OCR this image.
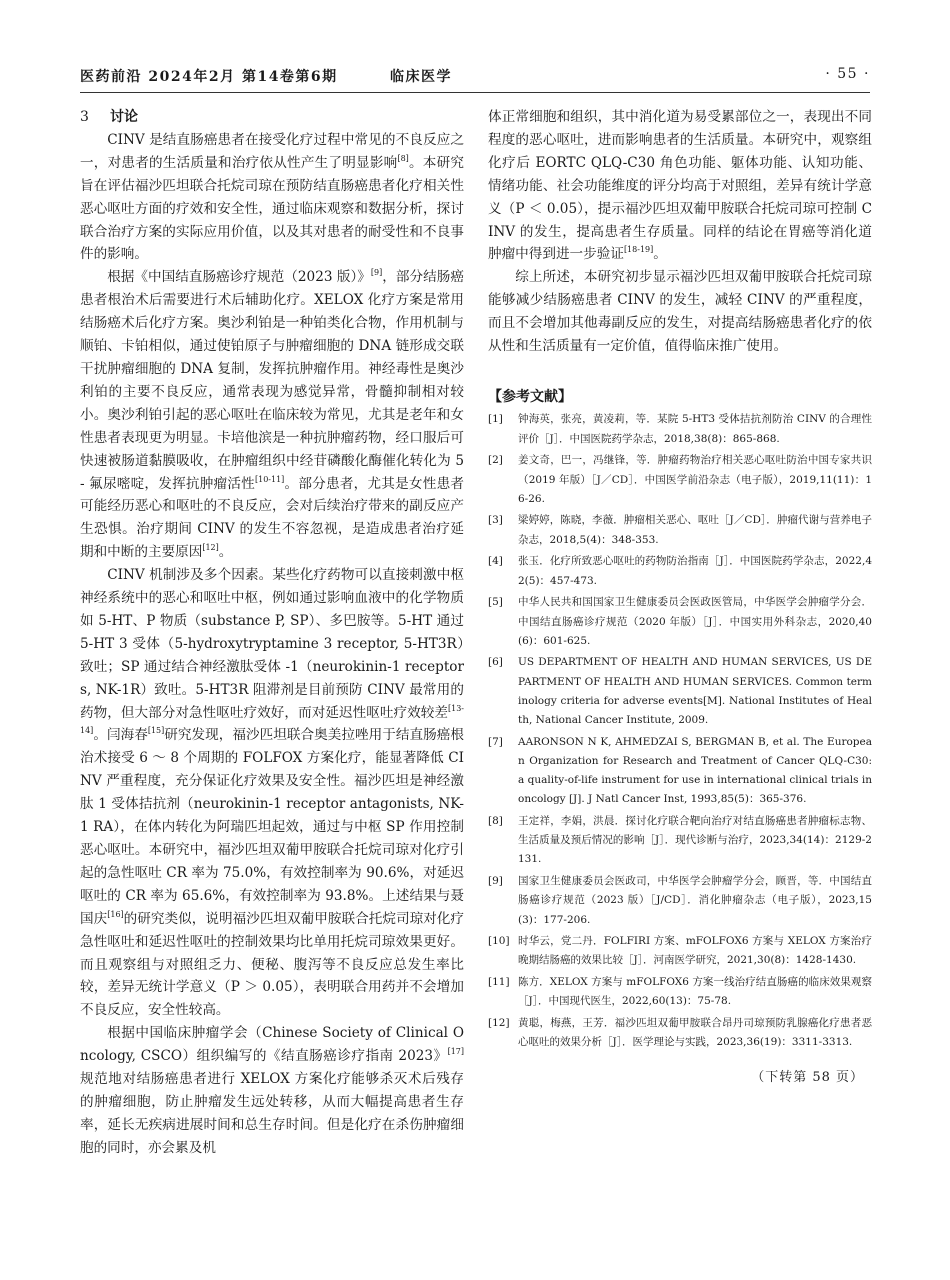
医药前沿 2024年2月 第14卷第6期	临床医学	· 55 ·
3 讨论

CINV 是结直肠癌患者在接受化疗过程中常见的不良反应之一，对患者的生活质量和治疗依从性产生了明显影响[8]。本研究旨在评估福沙匹坦联合托烷司琼在预防结直肠癌患者化疗相关性恶心呕吐方面的疗效和安全性，通过临床观察和数据分析，探讨联合治疗方案的实际应用价值，以及其对患者的耐受性和不良事件的影响。

根据《中国结直肠癌诊疗规范（2023 版）》[9]，部分结肠癌患者根治术后需要进行术后辅助化疗。XELOX 化疗方案是常用结肠癌术后化疗方案。奥沙利铂是一种铂类化合物，作用机制与顺铂、卡铂相似，通过使铂原子与肿瘤细胞的 DNA 链形成交联干扰肿瘤细胞的 DNA 复制，发挥抗肿瘤作用。神经毒性是奥沙利铂的主要不良反应，通常表现为感觉异常，骨髓抑制相对较小。奥沙利铂引起的恶心呕吐在临床较为常见，尤其是老年和女性患者表现更为明显。卡培他滨是一种抗肿瘤药物，经口服后可快速被肠道黏膜吸收，在肿瘤组织中经苷磷酸化酶催化转化为 5- 氟尿嘧啶，发挥抗肿瘤活性[10-11]。部分患者，尤其是女性患者可能经历恶心和呕吐的不良反应，会对后续治疗带来的副反应产生恐惧。治疗期间 CINV 的发生不容忽视，是造成患者治疗延期和中断的主要原因[12]。

CINV 机制涉及多个因素。某些化疗药物可以直接刺激中枢神经系统中的恶心和呕吐中枢，例如通过影响血液中的化学物质如 5-HT、P 物质（substance P, SP）、多巴胺等。5-HT 通过 5-HT 3 受体（5-hydroxytryptamine 3 receptor, 5-HT3R）致吐；SP 通过结合神经激肽受体 -1（neurokinin-1 receptors, NK-1R）致吐。5-HT3R 阻滞剂是目前预防 CINV 最常用的药物，但大部分对急性呕吐疗效好，而对延迟性呕吐疗效较差[13-14]。闫海春[15]研究发现，福沙匹坦联合奥美拉唑用于结直肠癌根治术接受 6 ～ 8 个周期的 FOLFOX 方案化疗，能显著降低 CINV 严重程度，充分保证化疗效果及安全性。福沙匹坦是神经激肽 1 受体拮抗剂（neurokinin-1 receptor antagonists, NK-1 RA），在体内转化为阿瑞匹坦起效，通过与中枢 SP 作用控制恶心呕吐。本研究中，福沙匹坦双葡甲胺联合托烷司琼对化疗引起的急性呕吐 CR 率为 75.0%，有效控制率为 90.6%，对延迟呕吐的 CR 率为 65.6%，有效控制率为 93.8%。上述结果与聂国庆[16]的研究类似，说明福沙匹坦双葡甲胺联合托烷司琼对化疗急性呕吐和延迟性呕吐的控制效果均比单用托烷司琼效果更好。而且观察组与对照组乏力、便秘、腹泻等不良反应总发生率比较，差异无统计学意义（P ＞ 0.05），表明联合用药并不会增加不良反应，安全性较高。

根据中国临床肿瘤学会（Chinese Society of Clinical Oncology, CSCO）组织编写的《结直肠癌诊疗指南 2023》[17]规范地对结肠癌患者进行 XELOX 方案化疗能够杀灭术后残存的肿瘤细胞，防止肿瘤发生远处转移，从而大幅提高患者生存率，延长无疾病进展时间和总生存时间。但是化疗在杀伤肿瘤细胞的同时，亦会累及机

体正常细胞和组织，其中消化道为易受累部位之一，表现出不同程度的恶心呕吐，进而影响患者的生活质量。本研究中，观察组化疗后 EORTC QLQ-C30 角色功能、躯体功能、认知功能、情绪功能、社会功能维度的评分均高于对照组，差异有统计学意义（P ＜ 0.05），提示福沙匹坦双葡甲胺联合托烷司琼可控制 CINV 的发生，提高患者生存质量。同样的结论在胃癌等消化道肿瘤中得到进一步验证[18-19]。

综上所述，本研究初步显示福沙匹坦双葡甲胺联合托烷司琼能够减少结肠癌患者 CINV 的发生，减轻 CINV 的严重程度，而且不会增加其他毒副反应的发生，对提高结肠癌患者化疗的依从性和生活质量有一定价值，值得临床推广使用。

【参考文献】
[1]	钟海英，张亮，黄凌莉，等．某院 5-HT3 受体拮抗剂防治 CINV 的合理性评价［J］．中国医院药学杂志，2018,38(8)：865-868.
[2]	姜文奇，巴一，冯继锋，等．肿瘤药物治疗相关恶心呕吐防治中国专家共识（2019 年版）［J／CD］．中国医学前沿杂志（电子版），2019,11(11)：16-26.
[3]	梁婷婷，陈晓，李薇．肿瘤相关恶心、呕吐［J／CD］．肿瘤代谢与营养电子杂志，2018,5(4)：348-353.
[4]	张玉．化疗所致恶心呕吐的药物防治指南［J］．中国医院药学杂志，2022,42(5)：457-473.
[5]	中华人民共和国国家卫生健康委员会医政医管局，中华医学会肿瘤学分会．中国结直肠癌诊疗规范（2020 年版）［J］．中国实用外科杂志，2020,40(6)：601-625.
[6]	US DEPARTMENT OF HEALTH AND HUMAN SERVICES, US DEPARTMENT OF HEALTH AND HUMAN SERVICES. Common terminology criteria for adverse events[M]. National Institutes of Health, National Cancer Institute, 2009.
[7]	AARONSON N K, AHMEDZAI S, BERGMAN B, et al. The European Organization for Research and Treatment of Cancer QLQ-C30: a quality-of-life instrument for use in international clinical trials in oncology [J]. J Natl Cancer Inst, 1993,85(5)：365-376.
[8]	王定祥，李娟，洪晨．探讨化疗联合靶向治疗对结直肠癌患者肿瘤标志物、生活质量及预后情况的影响［J］．现代诊断与治疗，2023,34(14)：2129-2131.
[9]	国家卫生健康委员会医政司，中华医学会肿瘤学分会，顾晋，等．中国结直肠癌诊疗规范（2023 版）［J/CD］．消化肿瘤杂志（电子版），2023,15(3)：177-206.
[10] 时华云，党二丹．FOLFIRI 方案、mFOLFOX6 方案与 XELOX 方案治疗晚期结肠癌的效果比较［J］．河南医学研究，2021,30(8)：1428-1430.
[11] 陈方．XELOX 方案与 mFOLFOX6 方案一线治疗结直肠癌的临床效果观察［J］．中国现代医生，2022,60(13)：75-78.
[12] 黄聪，梅燕，王芳．福沙匹坦双葡甲胺联合昂丹司琼预防乳腺癌化疗患者恶心呕吐的效果分析［J］．医学理论与实践，2023,36(19)：3311-3313.
（下转第 58 页）
